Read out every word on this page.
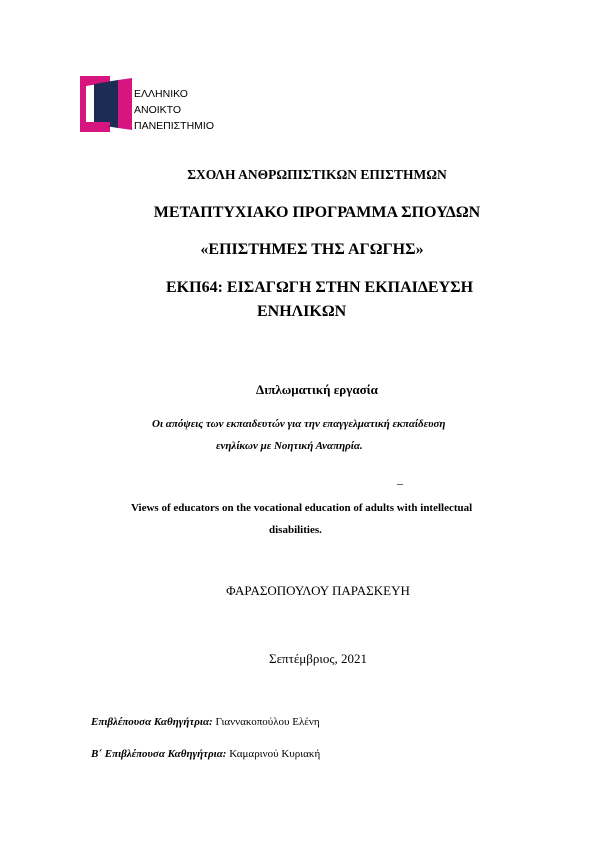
ΕΛΛΗΝΙΚΟ
ΑΝΟΙΚΤΟ
ΠΑΝΕΠΙΣΤΗΜΙΟ
ΣΧΟΛΗ ΑΝΘΡΩΠΙΣΤΙΚΩΝ ΕΠΙΣΤΗΜΩΝ
ΜΕΤΑΠΤΥΧΙΑΚΟ ΠΡΟΓΡΑΜΜΑ ΣΠΟΥΔΩΝ
«ΕΠΙΣΤΗΜΕΣ ΤΗΣ ΑΓΩΓΗΣ»
ΕΚΠ64: ΕΙΣΑΓΩΓΗ ΣΤΗΝ ΕΚΠΑΙΔΕΥΣΗ
ΕΝΗΛΙΚΩΝ
Διπλωματική εργασία
Οι απόψεις των εκπαιδευτών για την επαγγελματική εκπαίδευση
ενηλίκων με Νοητική Αναπηρία.
–
Views of educators on the vocational education of adults with intellectual
disabilities.
ΦΑΡΑΣΟΠΟΥΛΟΥ ΠΑΡΑΣΚΕΥΗ
Σεπτέμβριος, 2021
Επιβλέπουσα Καθηγήτρια: Γιαννακοπούλου Ελένη
Β΄ Επιβλέπουσα Καθηγήτρια: Καμαρινού Κυριακή
